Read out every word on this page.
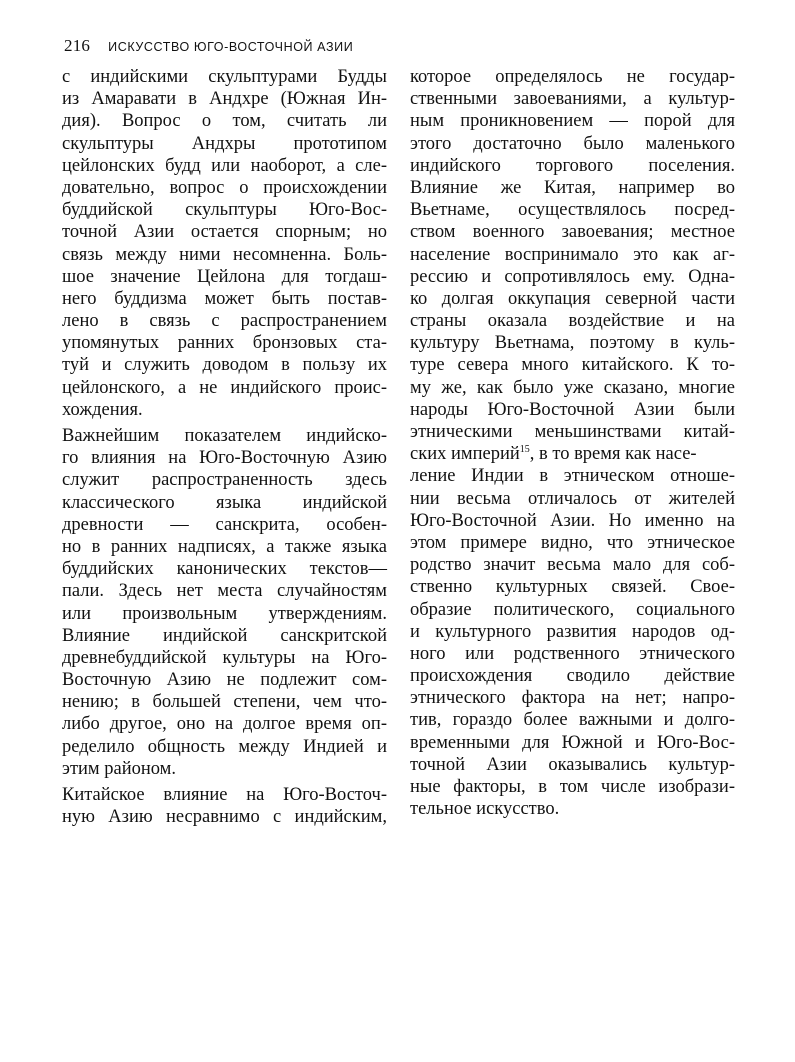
216 ИСКУССТВО ЮГО-ВОСТОЧНОЙ АЗИИ
с индийскими скульптурами Будды
из Амаравати в Андхре (Южная Ин-
дия). Вопрос о том, считать ли
скульптуры Андхры прототипом
цейлонских будд или наоборот, а сле-
довательно, вопрос о происхождении
буддийской скульптуры Юго-Вос-
точной Азии остается спорным; но
связь между ними несомненна. Боль-
шое значение Цейлона для тогдаш-
него буддизма может быть постав-
лено в связь с распространением
упомянутых ранних бронзовых ста-
туй и служить доводом в пользу их
цейлонского, а не индийского проис-
хождения.
Важнейшим показателем индийско-
го влияния на Юго-Восточную Азию
служит распространенность здесь
классического языка индийской
древности — санскрита, особен-
но в ранних надписях, а также языка
буддийских канонических текстов—
пали. Здесь нет места случайностям
или произвольным утверждениям.
Влияние индийской санскритской
древнебуддийской культуры на Юго-
Восточную Азию не подлежит сом-
нению; в большей степени, чем что-
либо другое, оно на долгое время оп-
ределило общность между Индией и
этим районом.
Китайское влияние на Юго-Восточ-
ную Азию несравнимо с индийским,
которое определялось не государ-
ственными завоеваниями, а культур-
ным проникновением — порой для
этого достаточно было маленького
индийского торгового поселения.
Влияние же Китая, например во
Вьетнаме, осуществлялось посред-
ством военного завоевания; местное
население воспринимало это как аг-
рессию и сопротивлялось ему. Одна-
ко долгая оккупация северной части
страны оказала воздействие и на
культуру Вьетнама, поэтому в куль-
туре севера много китайского. К то-
му же, как было уже сказано, многие
народы Юго-Восточной Азии были
этническими меньшинствами китай-
ских империй$^{15}$, в то время как насе-
ление Индии в этническом отноше-
нии весьма отличалось от жителей
Юго-Восточной Азии. Но именно на
этом примере видно, что этническое
родство значит весьма мало для соб-
ственно культурных связей. Свое-
образие политического, социального
и культурного развития народов од-
ного или родственного этнического
происхождения сводило действие
этнического фактора на нет; напро-
тив, гораздо более важными и долго-
временными для Южной и Юго-Вос-
точной Азии оказывались культур-
ные факторы, в том числе изобрази-
тельное искусство.
